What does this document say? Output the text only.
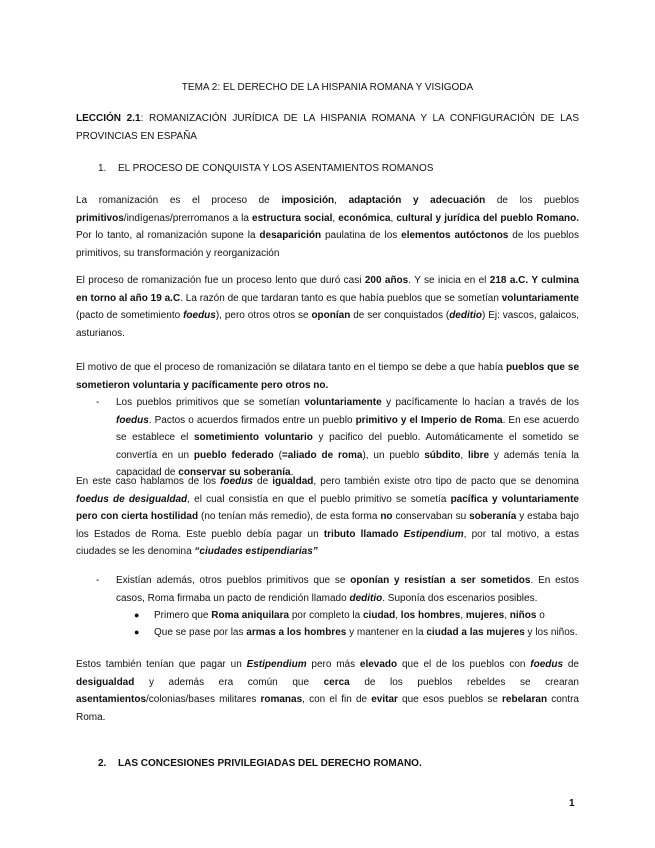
TEMA 2: EL DERECHO DE LA HISPANIA ROMANA Y VISIGODA
LECCIÓN 2.1: ROMANIZACIÓN JURÍDICA DE LA HISPANIA ROMANA Y LA CONFIGURACIÓN DE LAS PROVINCIAS EN ESPAÑA
1. EL PROCESO DE CONQUISTA Y LOS ASENTAMIENTOS ROMANOS

La romanización es el proceso de imposición, adaptación y adecuación de los pueblos primitivos/indígenas/prerromanos a la estructura social, económica, cultural y jurídica del pueblo Romano. Por lo tanto, al romanización supone la desaparición paulatina de los elementos autóctonos de los pueblos primitivos, su transformación y reorganización

El proceso de romanización fue un proceso lento que duró casi 200 años. Y se inicia en el 218 a.C. Y culmina en torno al año 19 a.C. La razón de que tardaran tanto es que había pueblos que se sometían voluntariamente (pacto de sometimiento foedus), pero otros otros se oponían de ser conquistados (deditio) Ej: vascos, galaicos, asturianos.

El motivo de que el proceso de romanización se dilatara tanto en el tiempo se debe a que había pueblos que se sometieron voluntaria y pacíficamente pero otros no.

- Los pueblos primitivos que se sometían voluntariamente y pacíficamente lo hacían a través de los foedus. Pactos o acuerdos firmados entre un pueblo primitivo y el Imperio de Roma. En ese acuerdo se establece el sometimiento voluntario y pacifico del pueblo. Automáticamente el sometido se convertía en un pueblo federado (=aliado de roma), un pueblo súbdito, libre y además tenía la capacidad de conservar su soberanía.

En este caso hablamos de los foedus de igualdad, pero también existe otro tipo de pacto que se denomina foedus de desigualdad, el cual consistía en que el pueblo primitivo se sometía pacífica y voluntariamente pero con cierta hostilidad (no tenían más remedio), de esta forma no conservaban su soberanía y estaba bajo los Estados de Roma. Este pueblo debía pagar un tributo llamado Estipendium, por tal motivo, a estas ciudades se les denomina “ciudades estipendiarias”

- Existían además, otros pueblos primitivos que se oponían y resistían a ser sometidos. En estos casos, Roma firmaba un pacto de rendición llamado deditio. Suponía dos escenarios posibles.
● Primero que Roma aniquilara por completo la ciudad, los hombres, mujeres, niños o
● Que se pase por las armas a los hombres y mantener en la ciudad a las mujeres y los niños.

Estos también tenían que pagar un Estipendium pero más elevado que el de los pueblos con foedus de desigualdad y además era común que cerca de los pueblos rebeldes se crearan asentamientos/colonias/bases militares romanas, con el fin de evitar que esos pueblos se rebelaran contra Roma.

2. LAS CONCESIONES PRIVILEGIADAS DEL DERECHO ROMANO.
1
